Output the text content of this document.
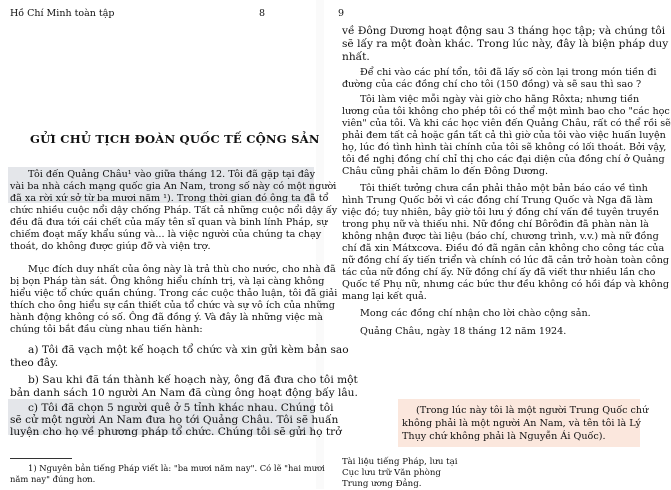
Hồ Chí Minh toàn tập	8
GỬI CHỦ TỊCH ĐOÀN QUỐC TẾ CỘNG SẢN
Tôi đến Quảng Châu¹ vào giữa tháng 12. Tôi đã gặp tại đây
vài ba nhà cách mạng quốc gia An Nam, trong số này có một người
đã xa rời xứ sở từ ba mươi năm ¹). Trong thời gian đó ông ta đã tổ
chức nhiều cuộc nổi dậy chống Pháp. Tất cả những cuộc nổi dậy ấy
đều đã đưa tới cái chết của mấy tên sĩ quan và binh lính Pháp, sự
chiếm đoạt mấy khẩu súng và... là việc người của chúng ta chạy
thoát, do không được giúp đỡ và viện trợ.
Mục đích duy nhất của ông này là trả thù cho nước, cho nhà đã
bị bọn Pháp tàn sát. Ông không hiểu chính trị, và lại càng không
hiểu việc tổ chức quần chúng. Trong các cuộc thảo luận, tôi đã giải
thích cho ông hiểu sự cần thiết của tổ chức và sự vô ích của những
hành động không có số. Ông đã đồng ý. Và đây là những việc mà
chúng tôi bắt đầu cùng nhau tiến hành:
a) Tôi đã vạch một kế hoạch tổ chức và xin gửi kèm bản sao
theo đây.
b) Sau khi đã tán thành kế hoạch này, ông đã đưa cho tôi một
bản danh sách 10 người An Nam đã cùng ông hoạt động bấy lâu.
c) Tôi đã chọn 5 người quê ở 5 tỉnh khác nhau. Chúng tôi
sẽ cử một người An Nam đưa họ tới Quảng Châu. Tôi sẽ huấn
luyện cho họ về phương pháp tổ chức. Chúng tôi sẽ gửi họ trở
1) Nguyên bản tiếng Pháp viết là: "ba mươi năm nay". Có lẽ "hai mươi
năm nay" đúng hơn.
9
về Đông Dương hoạt động sau 3 tháng học tập; và chúng tôi
sẽ lấy ra một đoàn khác. Trong lúc này, đây là biện pháp duy
nhất.
Để chi vào các phí tổn, tôi đã lấy số còn lại trong món tiền đi
đường của các đồng chí cho tôi (150 đồng) và sẽ sau thì sao ?
Tôi làm việc mỗi ngày vài giờ cho hãng Rôxta; nhưng tiền
lương của tôi không cho phép tôi có thể một mình bao cho "các học
viên" của tôi. Và khi các học viên đến Quảng Châu, rất có thể rồi sẽ
phải đem tất cả hoặc gần tất cả thì giờ của tôi vào việc huấn luyện
họ, lúc đó tình hình tài chính của tôi sẽ không có lối thoát. Bởi vậy,
tôi đề nghị đồng chí chỉ thị cho các đại diện của đồng chí ở Quảng
Châu cũng phải chăm lo đến Đông Dương.
Tôi thiết tưởng chưa cần phải thảo một bản báo cáo về tình
hình Trung Quốc bởi vì các đồng chí Trung Quốc và Nga đã làm
việc đó; tuy nhiên, bây giờ tôi lưu ý đồng chí vấn đề tuyên truyền
trong phụ nữ và thiếu nhi. Nữ đồng chí Bôrôđin đã phàn nàn là
không nhận được tài liệu (báo chí, chương trình, v.v.) mà nữ đồng
chí đã xin Mátxcơva. Điều đó đã ngăn cản không cho công tác của
nữ đồng chí ấy tiến triển và chính có lúc đã cản trở hoàn toàn công
tác của nữ đồng chí ấy. Nữ đồng chí ấy đã viết thư nhiều lần cho
Quốc tế Phụ nữ, nhưng các bức thư đều không có hồi đáp và không
mang lại kết quả.
Mong các đồng chí nhận cho lời chào cộng sản.
Quảng Châu, ngày 18 tháng 12 năm 1924.
(Trong lúc này tôi là một người Trung Quốc chứ
không phải là một người An Nam, và tên tôi là Lý
Thụy chứ không phải là Nguyễn Ái Quốc).
Tài liệu tiếng Pháp, lưu tại
Cục lưu trữ Văn phòng
Trung ương Đảng.
